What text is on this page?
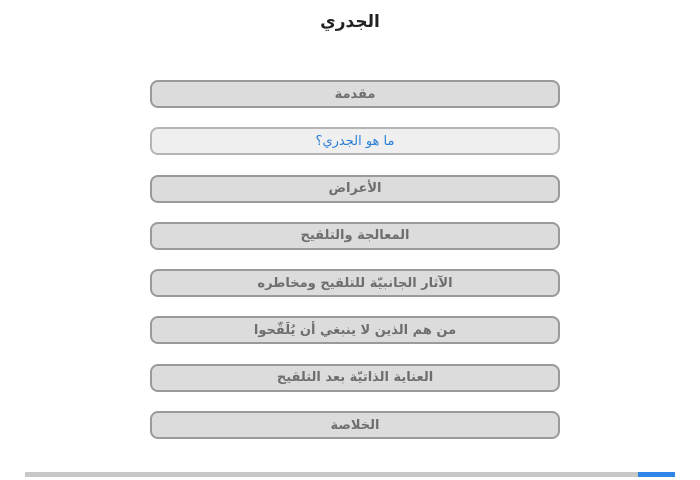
الجدري
مقدمة
ما هو الجدري؟
الأعراض
المعالجة والتلقيح
الآثار الجانبيّة للتلقيح ومخاطره
من هم الذين لا ينبغي أن يُلَقّحوا
العناية الذاتيّة بعد التلقيح
الخلاصة
